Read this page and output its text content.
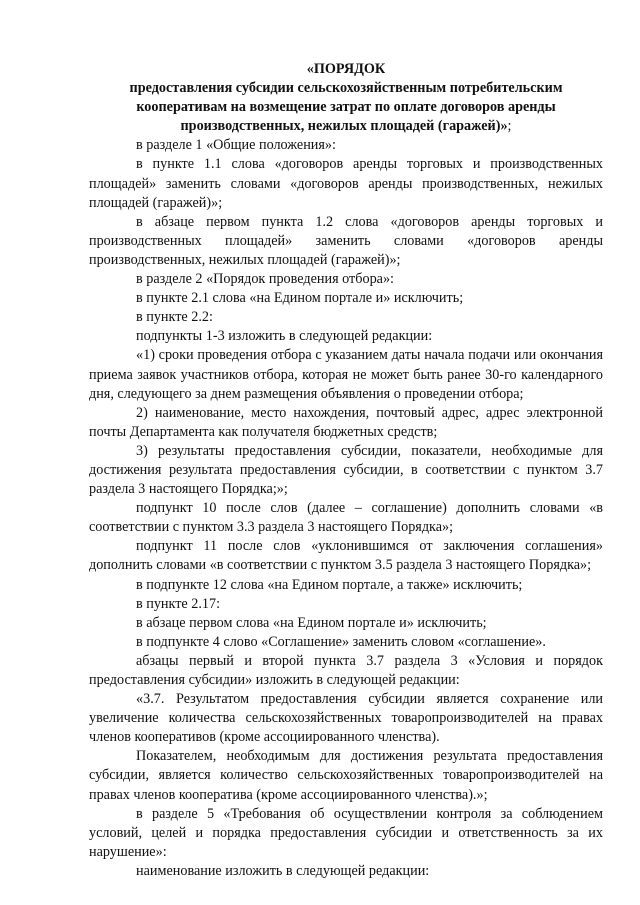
«ПОРЯДОК

предоставления субсидии сельскохозяйственным потребительским

кооперативам на возмещение затрат по оплате договоров аренды

производственных, нежилых площадей (гаражей)»;

в разделе 1 «Общие положения»:

в пункте 1.1 слова «договоров аренды торговых и производственных площадей» заменить словами «договоров аренды производственных, нежилых площадей (гаражей)»;

в абзаце первом пункта 1.2 слова «договоров аренды торговых и производственных площадей» заменить словами «договоров аренды производственных, нежилых площадей (гаражей)»;

в разделе 2 «Порядок проведения отбора»:

в пункте 2.1 слова «на Едином портале и» исключить;

в пункте 2.2:

подпункты 1-3 изложить в следующей редакции:

«1) сроки проведения отбора с указанием даты начала подачи или окончания приема заявок участников отбора, которая не может быть ранее 30-го календарного дня, следующего за днем размещения объявления о проведении отбора;

2) наименование, место нахождения, почтовый адрес, адрес электронной почты Департамента как получателя бюджетных средств;

3) результаты предоставления субсидии, показатели, необходимые для достижения результата предоставления субсидии, в соответствии с пунктом 3.7 раздела 3 настоящего Порядка;»;

подпункт 10 после слов (далее – соглашение) дополнить словами «в соответствии с пунктом 3.3 раздела 3 настоящего Порядка»;

подпункт 11 после слов «уклонившимся от заключения соглашения» дополнить словами «в соответствии с пунктом 3.5 раздела 3 настоящего Порядка»;

в подпункте 12 слова «на Едином портале, а также» исключить;

в пункте 2.17:

в абзаце первом слова «на Едином портале и» исключить;

в подпункте 4 слово «Соглашение» заменить словом «соглашение».

абзацы первый и второй пункта 3.7 раздела 3 «Условия и порядок предоставления субсидии» изложить в следующей редакции:

«3.7. Результатом предоставления субсидии является сохранение или увеличение количества сельскохозяйственных товаропроизводителей на правах членов кооперативов (кроме ассоциированного членства).

Показателем, необходимым для достижения результата предоставления субсидии, является количество сельскохозяйственных товаропроизводителей на правах членов кооператива (кроме ассоциированного членства).»;

в разделе 5 «Требования об осуществлении контроля за соблюдением условий, целей и порядка предоставления субсидии и ответственность за их нарушение»:

наименование изложить в следующей редакции:
